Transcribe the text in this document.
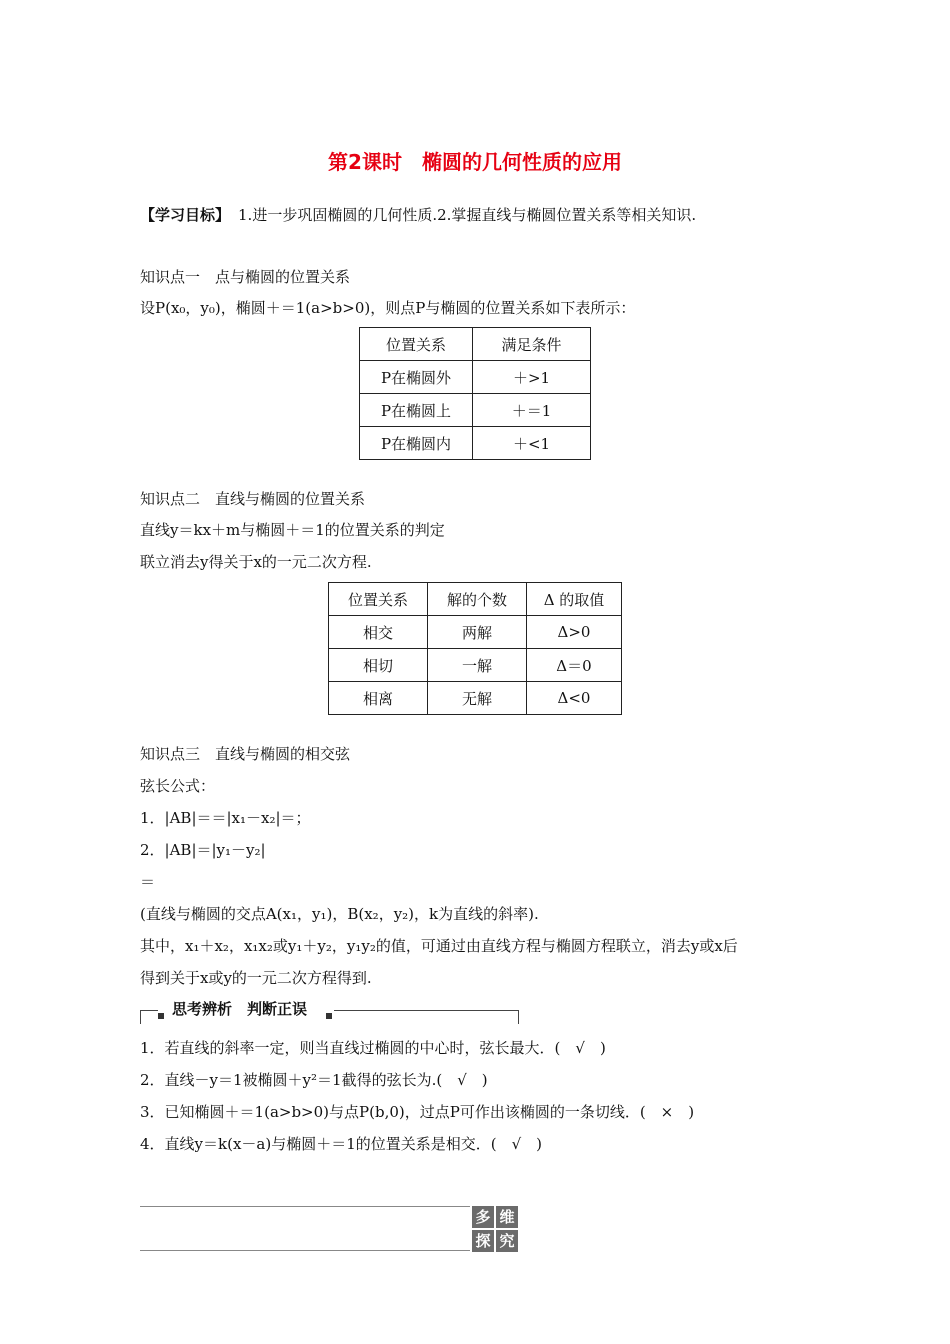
第2课时　椭圆的几何性质的应用
【学习目标】 1.进一步巩固椭圆的几何性质.2.掌握直线与椭圆位置关系等相关知识.
知识点一　点与椭圆的位置关系
设P(x₀，y₀)，椭圆＋＝1(a>b>0)，则点P与椭圆的位置关系如下表所示：
位置关系	满足条件
P在椭圆外	＋>1
P在椭圆上	＋＝1
P在椭圆内	＋<1
知识点二　直线与椭圆的位置关系
直线y＝kx＋m与椭圆＋＝1的位置关系的判定
联立消去y得关于x的一元二次方程.
位置关系	解的个数	Δ 的取值
相交	两解	Δ>0
相切	一解	Δ＝0
相离	无解	Δ<0
知识点三　直线与椭圆的相交弦
弦长公式：
1．|AB|＝＝|x₁－x₂|＝；
2．|AB|＝|y₁－y₂|
＝
(直线与椭圆的交点A(x₁，y₁)，B(x₂，y₂)，k为直线的斜率).
其中，x₁＋x₂，x₁x₂或y₁＋y₂，y₁y₂的值，可通过由直线方程与椭圆方程联立，消去y或x后
得到关于x或y的一元二次方程得到.
思考辨析　判断正误
1．若直线的斜率一定，则当直线过椭圆的中心时，弦长最大．(　√　)
2．直线－y＝1被椭圆＋y²＝1截得的弦长为.(　√　)
3．已知椭圆＋＝1(a>b>0)与点P(b,0)，过点P可作出该椭圆的一条切线．(　×　)
4．直线y＝k(x－a)与椭圆＋＝1的位置关系是相交．(　√　)
多 维
探 究
